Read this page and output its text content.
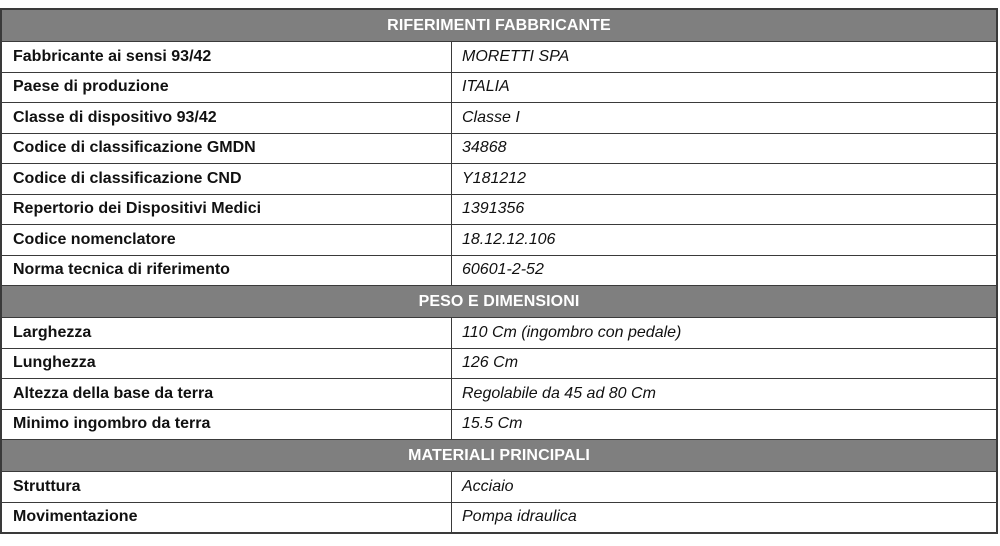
RIFERIMENTI FABBRICANTE	
Fabbricante ai sensi 93/42	MORETTI SPA
Paese di produzione	ITALIA
Classe di dispositivo 93/42	Classe I
Codice di classificazione GMDN	34868
Codice di classificazione CND	Y181212
Repertorio dei Dispositivi Medici	1391356
Codice nomenclatore	18.12.12.106
Norma tecnica di riferimento	60601-2-52
PESO E DIMENSIONI	
Larghezza	110 Cm (ingombro con pedale)
Lunghezza	126 Cm
Altezza della base da terra	Regolabile da 45 ad 80 Cm
Minimo ingombro da terra	15.5 Cm
MATERIALI PRINCIPALI	
Struttura	Acciaio
Movimentazione	Pompa idraulica
